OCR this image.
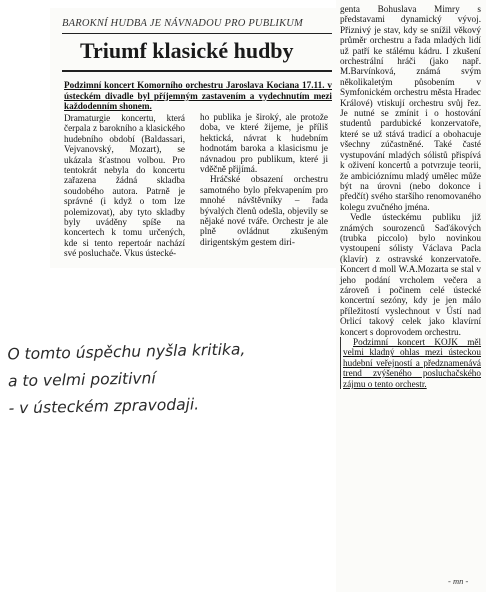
BAROKNÍ HUDBA JE NÁVNADOU PRO PUBLIKUM
Triumf klasické hudby
Podzimní koncert Komorního orchestru Jaroslava Kociana 17.11. v ústeckém divadle byl příjemným zastavením a vydechnutím mezi každodenním shonem.

Dramaturgie koncertu, která čerpala z barokního a klasického hudebního období (Baldassari, Vejvanovský, Mozart), se ukázala šťastnou volbou. Pro tentokrát nebyla do koncertu zařazena žádná skladba soudobého autora. Patrně je správné (i když o tom lze polemizovat), aby tyto skladby byly uváděny spíše na koncertech k tomu určených, kde si tento repertoár nachází své posluchače. Vkus ústecké-

ho publika je široký, ale protože doba, ve které žijeme, je příliš hektická, návrat k hudebním hodnotám baroka a klasicismu je návnadou pro publikum, které ji vděčně přijímá.

Hráčské obsazení orchestru samotného bylo překvapením pro mnohé návštěvníky – řada bývalých členů odešla, objevily se nějaké nové tváře. Orchestr je ale plně ovládnut zkušeným dirigentským gestem diri-

genta Bohuslava Mimry s představami dynamický vývoj. Přiznivý je stav, kdy se snížil věkový průměr orchestru a řada mladých lidí už patří ke stálému kádru. I zkušení orchestrální hráči (jako např. M.Barvínková, známá svým několikaletým působením v Symfonickém orchestru města Hradec Králové) vtiskují orchestru svůj řez. Je nutné se zmínit i o hostování studentů pardubické konzervatoře, které se už stává tradicí a obohacuje všechny zúčastněné. Také časté vystupování mladých sólistů přispívá k oživení koncertů a potvrzuje teorii, že ambicióznímu mladý umělec může být na úrovni (nebo dokonce i předčít) svého staršího renomovaného kolegu zvučného jména.

Vedle ústeckému publiku již známých sourozenců Saďákových (trubka piccolo) bylo novinkou vystoupení sólisty Václava Pacla (klavír) z ostravské konzervatoře. Koncert d moll W.A.Mozarta se stal v jeho podání vrcholem večera a zároveň i počinem celé ústecké koncertní sezóny, kdy je jen málo příležitostí vyslechnout v Ústí nad Orlicí takový celek jako klavírní koncert s doprovodem orchestru.

Podzimní koncert KOJK měl velmi kladný ohlas mezi ústeckou hudební veřejností a předznamenává trend zvýšeného posluchačského zájmu o tento orchestr.

- mn -
O tomto úspěchu nyšla kritika,
a to velmi pozitivní
- v ústeckém zpravodaji.
